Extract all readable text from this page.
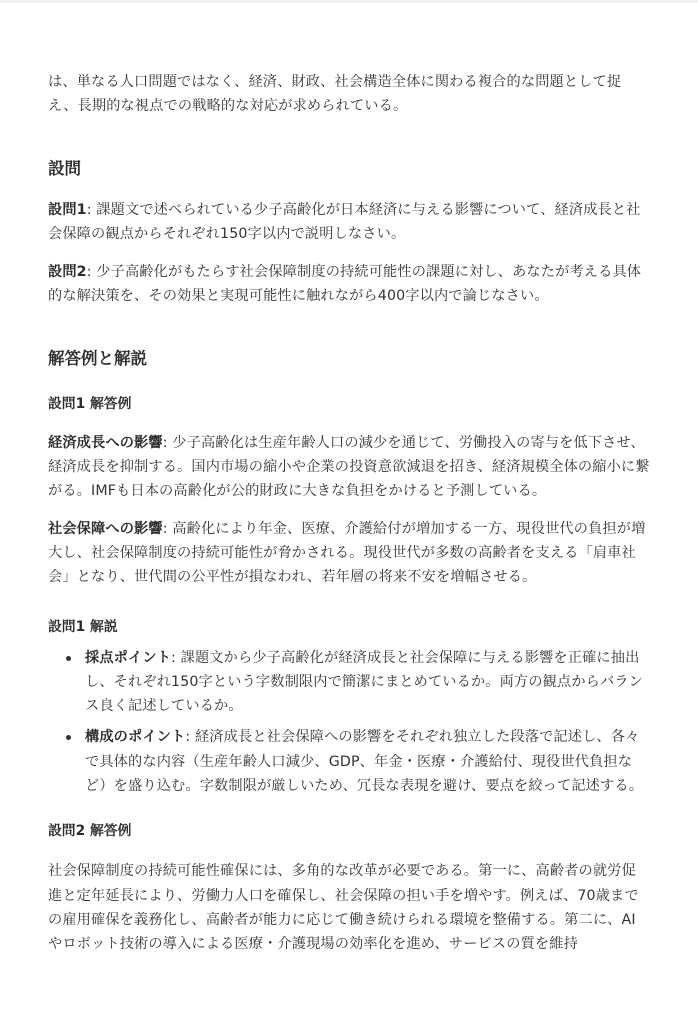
は、単なる人口問題ではなく、経済、財政、社会構造全体に関わる複合的な問題として捉え、長期的な視点での戦略的な対応が求められている。

設問

設問1: 課題文で述べられている少子高齢化が日本経済に与える影響について、経済成長と社会保障の観点からそれぞれ150字以内で説明しなさい。

設問2: 少子高齢化がもたらす社会保障制度の持続可能性の課題に対し、あなたが考える具体的な解決策を、その効果と実現可能性に触れながら400字以内で論じなさい。

解答例と解説
設問1 解答例

経済成長への影響: 少子高齢化は生産年齢人口の減少を通じて、労働投入の寄与を低下させ、経済成長を抑制する。国内市場の縮小や企業の投資意欲減退を招き、経済規模全体の縮小に繋がる。IMFも日本の高齢化が公的財政に大きな負担をかけると予測している。

社会保障への影響: 高齢化により年金、医療、介護給付が増加する一方、現役世代の負担が増大し、社会保障制度の持続可能性が脅かされる。現役世代が多数の高齢者を支える「肩車社会」となり、世代間の公平性が損なわれ、若年層の将来不安を増幅させる。

設問1 解説
採点ポイント: 課題文から少子高齢化が経済成長と社会保障に与える影響を正確に抽出し、それぞれ150字という字数制限内で簡潔にまとめているか。両方の観点からバランス良く記述しているか。
構成のポイント: 経済成長と社会保障への影響をそれぞれ独立した段落で記述し、各々で具体的な内容（生産年齢人口減少、GDP、年金・医療・介護給付、現役世代負担など）を盛り込む。字数制限が厳しいため、冗長な表現を避け、要点を絞って記述する。
設問2 解答例

社会保障制度の持続可能性確保には、多角的な改革が必要である。第一に、高齢者の就労促進と定年延長により、労働力人口を確保し、社会保障の担い手を増やす。例えば、70歳までの雇用確保を義務化し、高齢者が能力に応じて働き続けられる環境を整備する。第二に、AIやロボット技術の導入による医療・介護現場の効率化を進め、サービスの質を維持
